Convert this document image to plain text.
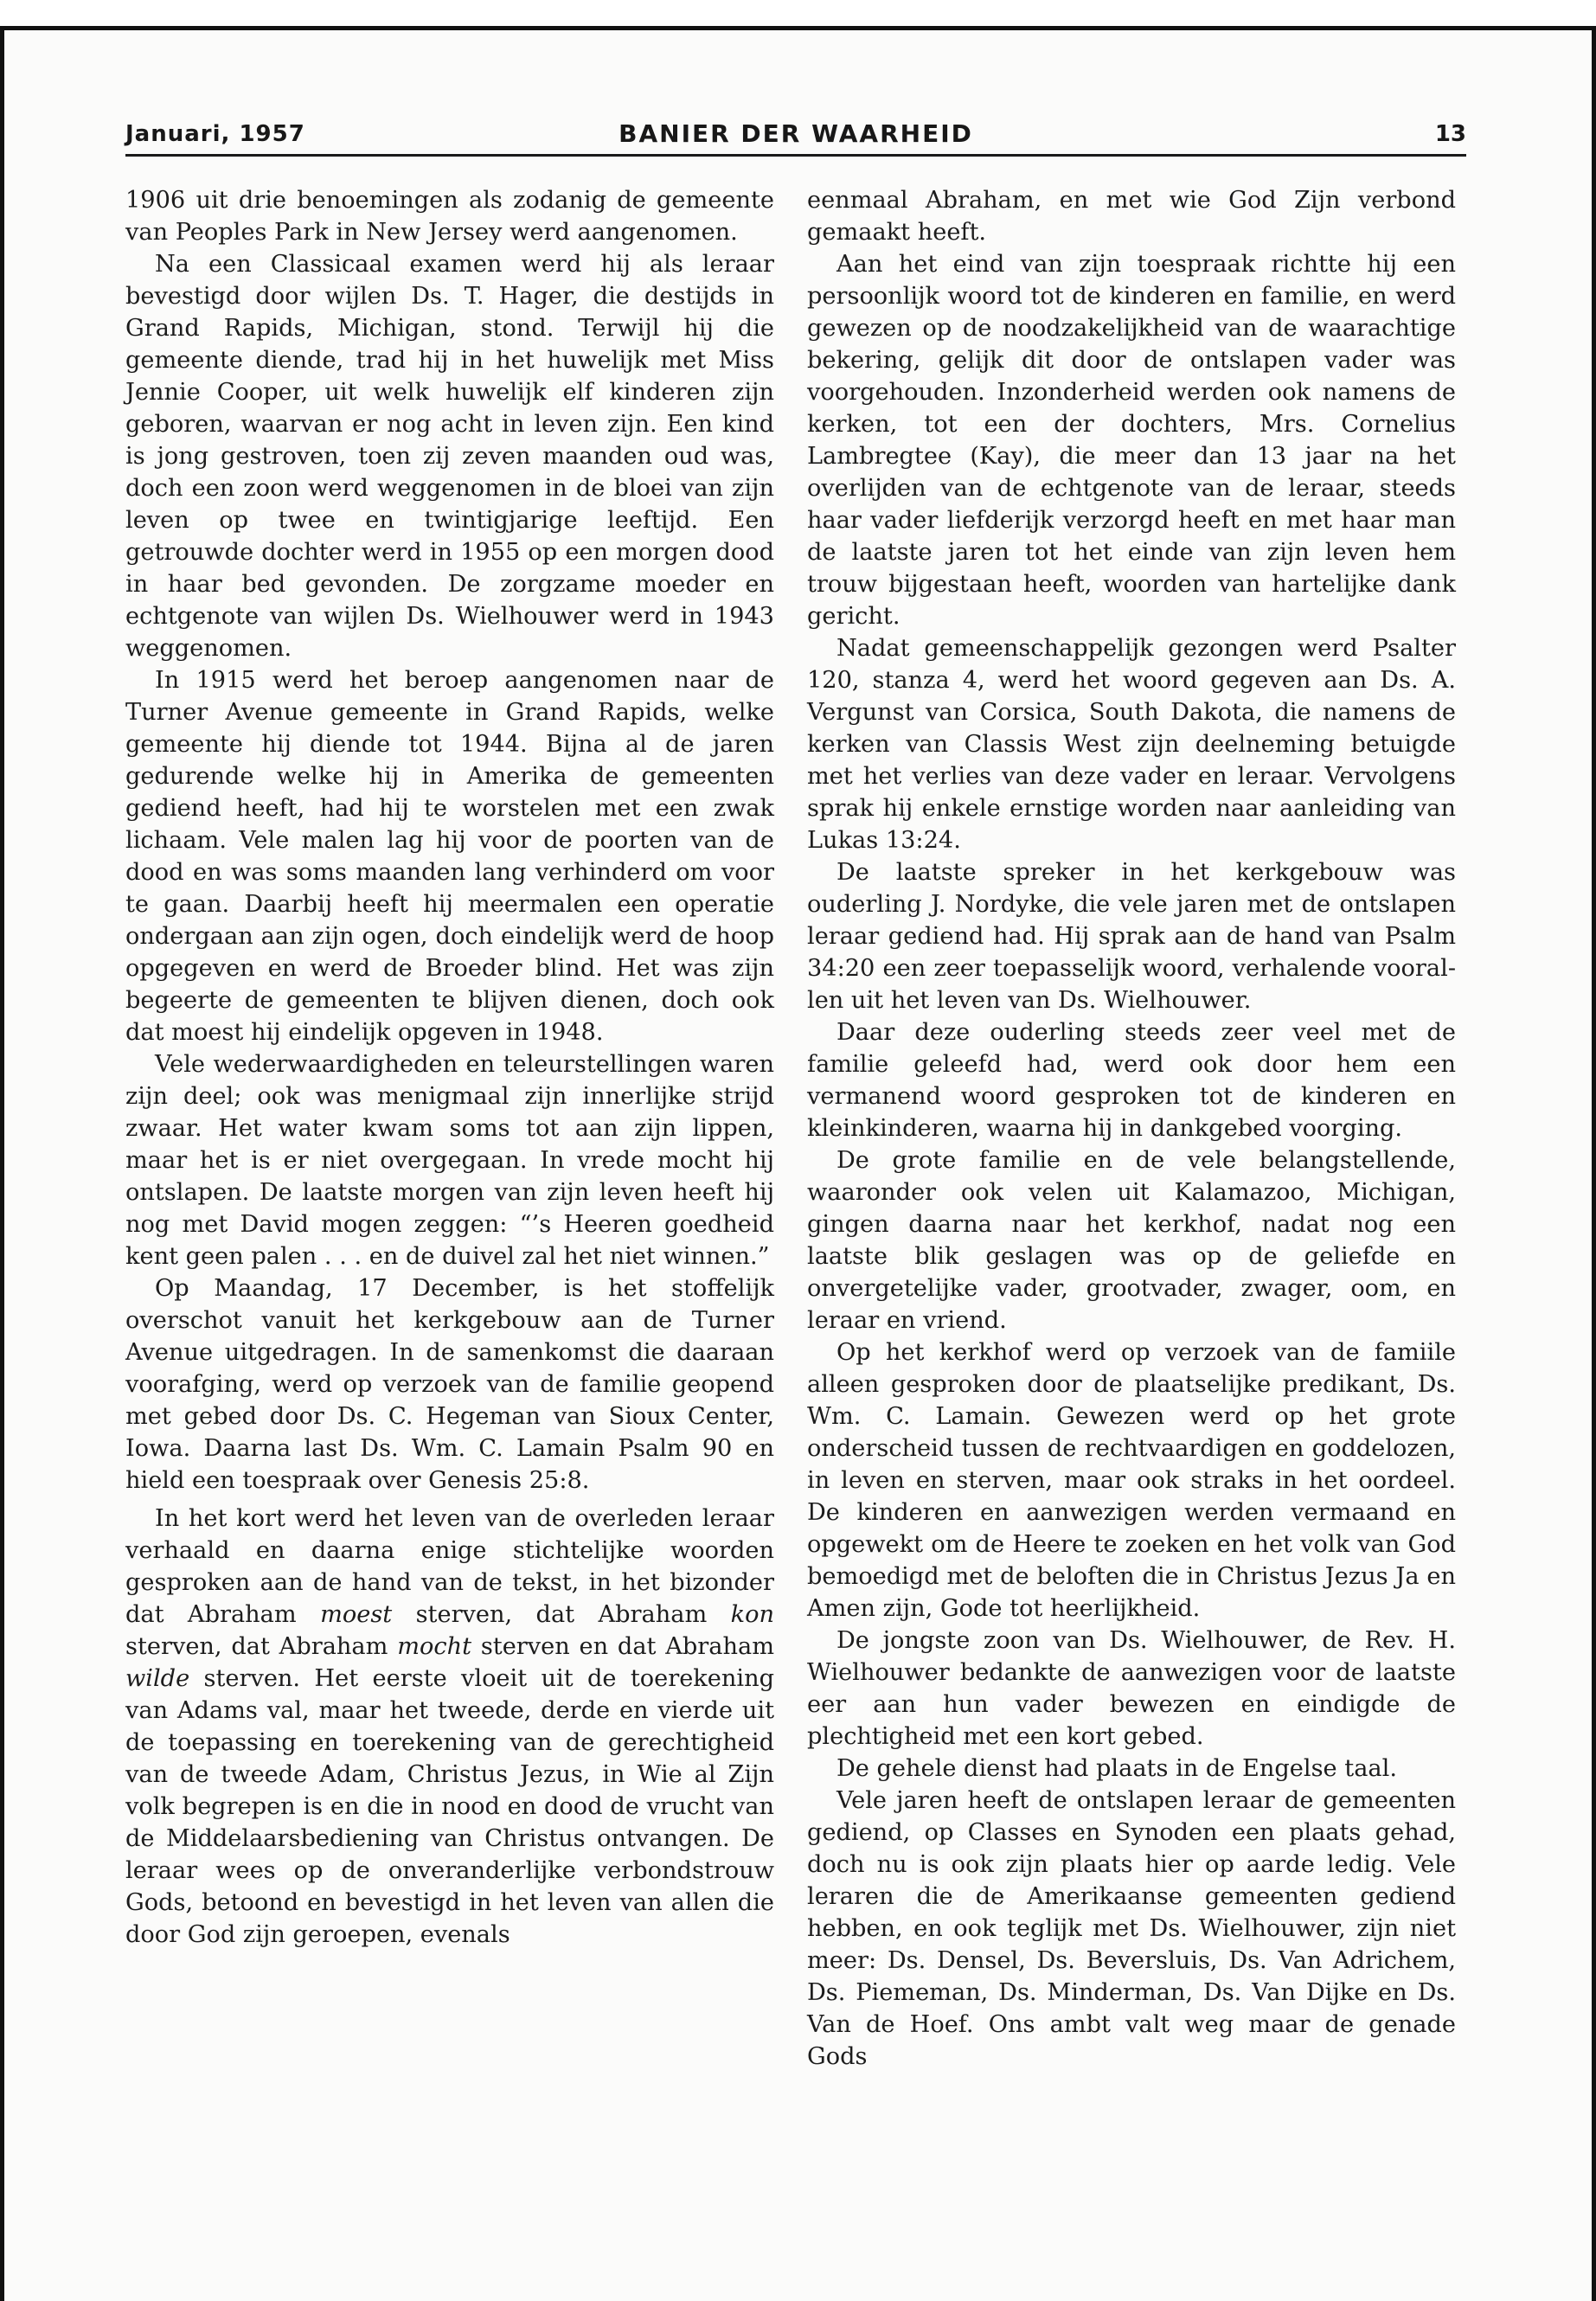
Januari, 1957	BANIER DER WAARHEID	13

1906 uit drie benoemingen als zodanig de gemeente van Peoples Park in New Jersey werd aangenomen.

Na een Classicaal examen werd hij als leraar bevestigd door wijlen Ds. T. Hager, die destijds in Grand Rapids, Michigan, stond. Terwijl hij die gemeente diende, trad hij in het huwelijk met Miss Jennie Cooper, uit welk huwelijk elf kinderen zijn geboren, waarvan er nog acht in leven zijn. Een kind is jong gestroven, toen zij zeven maanden oud was, doch een zoon werd weggenomen in de bloei van zijn leven op twee en twintigjarige leeftijd. Een getrouwde dochter werd in 1955 op een morgen dood in haar bed gevonden. De zorgzame moeder en echtgenote van wijlen Ds. Wielhouwer werd in 1943 weggenomen.

In 1915 werd het beroep aangenomen naar de Turner Avenue gemeente in Grand Rapids, welke gemeente hij diende tot 1944. Bijna al de jaren gedurende welke hij in Amerika de gemeenten gediend heeft, had hij te worstelen met een zwak lichaam. Vele malen lag hij voor de poorten van de dood en was soms maanden lang verhinderd om voor te gaan. Daarbij heeft hij meermalen een operatie ondergaan aan zijn ogen, doch eindelijk werd de hoop opgegeven en werd de Broeder blind. Het was zijn begeerte de gemeenten te blijven dienen, doch ook dat moest hij eindelijk opgeven in 1948.

Vele wederwaardigheden en teleurstellingen waren zijn deel; ook was menigmaal zijn innerlijke strijd zwaar. Het water kwam soms tot aan zijn lippen, maar het is er niet overgegaan. In vrede mocht hij ontslapen. De laatste morgen van zijn leven heeft hij nog met David mogen zeggen: “’s Heeren goedheid kent geen palen . . . en de duivel zal het niet winnen.”

Op Maandag, 17 December, is het stoffelijk overschot vanuit het kerkgebouw aan de Turner Avenue uitgedragen. In de samenkomst die daaraan voorafging, werd op verzoek van de familie geopend met gebed door Ds. C. Hegeman van Sioux Center, Iowa. Daarna last Ds. Wm. C. Lamain Psalm 90 en hield een toespraak over Genesis 25:8.

In het kort werd het leven van de overleden leraar verhaald en daarna enige stichtelijke woorden gesproken aan de hand van de tekst, in het bizonder dat Abraham moest sterven, dat Abraham kon sterven, dat Abraham mocht sterven en dat Abraham wilde sterven. Het eerste vloeit uit de toerekening van Adams val, maar het tweede, derde en vierde uit de toepassing en toerekening van de gerechtigheid van de tweede Adam, Christus Jezus, in Wie al Zijn volk begrepen is en die in nood en dood de vrucht van de Middelaarsbediening van Christus ontvangen. De leraar wees op de onveranderlijke verbondstrouw Gods, betoond en bevestigd in het leven van allen die door God zijn geroepen, evenals

eenmaal Abraham, en met wie God Zijn verbond gemaakt heeft.

Aan het eind van zijn toespraak richtte hij een persoonlijk woord tot de kinderen en familie, en werd gewezen op de noodzakelijkheid van de waarachtige bekering, gelijk dit door de ontslapen vader was voorgehouden. Inzonderheid werden ook namens de kerken, tot een der dochters, Mrs. Cornelius Lambregtee (Kay), die meer dan 13 jaar na het overlijden van de echtgenote van de leraar, steeds haar vader liefderijk verzorgd heeft en met haar man de laatste jaren tot het einde van zijn leven hem trouw bijgestaan heeft, woorden van hartelijke dank gericht.

Nadat gemeenschappelijk gezongen werd Psalter 120, stanza 4, werd het woord gegeven aan Ds. A. Vergunst van Corsica, South Dakota, die namens de kerken van Classis West zijn deelneming betuigde met het verlies van deze vader en leraar. Vervolgens sprak hij enkele ernstige worden naar aanleiding van Lukas 13:24.

De laatste spreker in het kerkgebouw was ouderling J. Nordyke, die vele jaren met de ontslapen leraar gediend had. Hij sprak aan de hand van Psalm 34:20 een zeer toepasselijk woord, verhalende voorallen uit het leven van Ds. Wielhouwer.

Daar deze ouderling steeds zeer veel met de familie geleefd had, werd ook door hem een vermanend woord gesproken tot de kinderen en kleinkinderen, waarna hij in dankgebed voorging.

De grote familie en de vele belangstellende, waaronder ook velen uit Kalamazoo, Michigan, gingen daarna naar het kerkhof, nadat nog een laatste blik geslagen was op de geliefde en onvergetelijke vader, grootvader, zwager, oom, en leraar en vriend.

Op het kerkhof werd op verzoek van de famiile alleen gesproken door de plaatselijke predikant, Ds. Wm. C. Lamain. Gewezen werd op het grote onderscheid tussen de rechtvaardigen en goddelozen, in leven en sterven, maar ook straks in het oordeel. De kinderen en aanwezigen werden vermaand en opgewekt om de Heere te zoeken en het volk van God bemoedigd met de beloften die in Christus Jezus Ja en Amen zijn, Gode tot heerlijkheid.

De jongste zoon van Ds. Wielhouwer, de Rev. H. Wielhouwer bedankte de aanwezigen voor de laatste eer aan hun vader bewezen en eindigde de plechtigheid met een kort gebed.

De gehele dienst had plaats in de Engelse taal.

Vele jaren heeft de ontslapen leraar de gemeenten gediend, op Classes en Synoden een plaats gehad, doch nu is ook zijn plaats hier op aarde ledig. Vele leraren die de Amerikaanse gemeenten gediend hebben, en ook teglijk met Ds. Wielhouwer, zijn niet meer: Ds. Densel, Ds. Beversluis, Ds. Van Adrichem, Ds. Piememan, Ds. Minderman, Ds. Van Dijke en Ds. Van de Hoef. Ons ambt valt weg maar de genade Gods
